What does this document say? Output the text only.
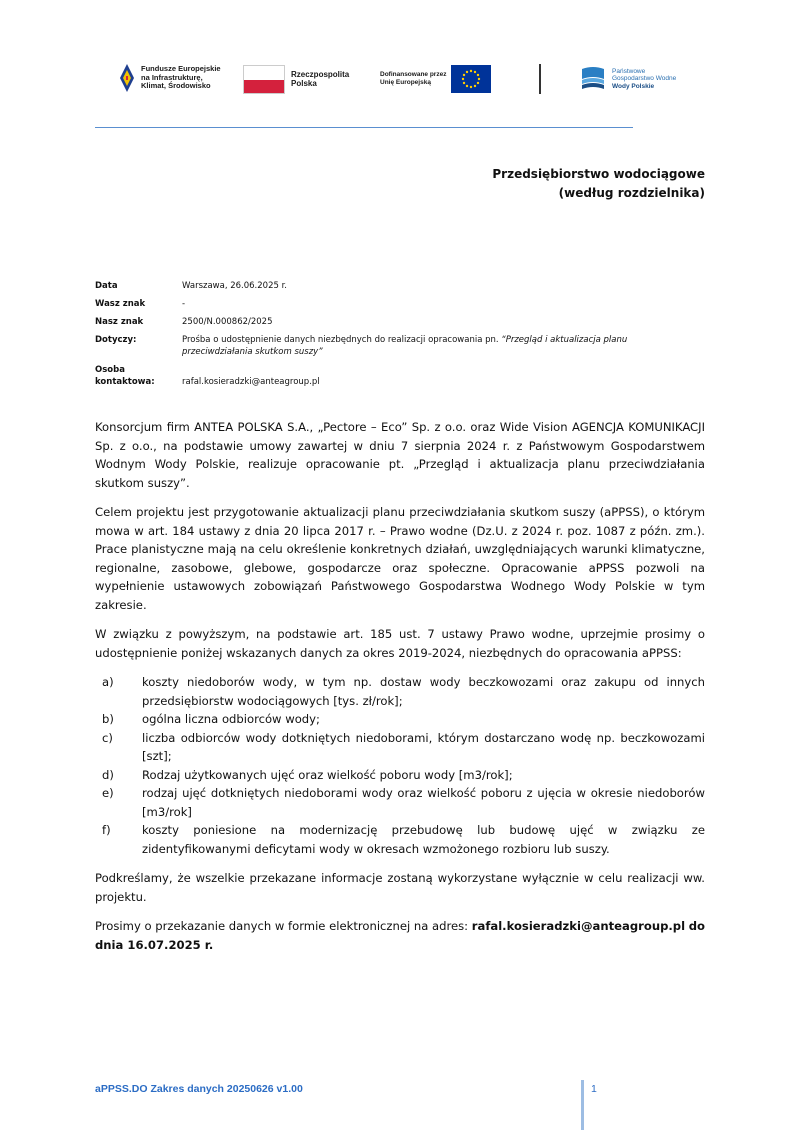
Fundusze Europejskie
na Infrastrukturę,
Klimat, Środowisko
Rzeczpospolita
Polska
Dofinansowane przez
Unię Europejską
Państwowe
Gospodarstwo Wodne
Wody Polskie
Przedsiębiorstwo wodociągowe
(według rozdzielnika)
Data	Warszawa, 26.06.2025 r.
Wasz znak	-
Nasz znak	2500/N.000862/2025
Dotyczy:	Prośba o udostępnienie danych niezbędnych do realizacji opracowania pn. “Przegląd i aktualizacja planu przeciwdziałania skutkom suszy”
Osoba kontaktowa:	rafal.kosieradzki@anteagroup.pl

Konsorcjum firm ANTEA POLSKA S.A., „Pectore – Eco” Sp. z o.o. oraz Wide Vision AGENCJA KOMUNIKACJI Sp. z o.o., na podstawie umowy zawartej w dniu 7 sierpnia 2024 r. z Państwowym Gospodarstwem Wodnym Wody Polskie, realizuje opracowanie pt. „Przegląd i aktualizacja planu przeciwdziałania skutkom suszy”.

Celem projektu jest przygotowanie aktualizacji planu przeciwdziałania skutkom suszy (aPPSS), o którym mowa w art. 184 ustawy z dnia 20 lipca 2017 r. – Prawo wodne (Dz.U. z 2024 r. poz. 1087 z późn. zm.). Prace planistyczne mają na celu określenie konkretnych działań, uwzględniających warunki klimatyczne, regionalne, zasobowe, glebowe, gospodarcze oraz społeczne. Opracowanie aPPSS pozwoli na wypełnienie ustawowych zobowiązań Państwowego Gospodarstwa Wodnego Wody Polskie w tym zakresie.

W związku z powyższym, na podstawie art. 185 ust. 7 ustawy Prawo wodne, uprzejmie prosimy o udostępnienie poniżej wskazanych danych za okres 2019-2024, niezbędnych do opracowania aPPSS:

a)	koszty niedoborów wody, w tym np. dostaw wody beczkowozami oraz zakupu od innych przedsiębiorstw wodociągowych [tys. zł/rok];
b)	ogólna liczna odbiorców wody;
c)	liczba odbiorców wody dotkniętych niedoborami, którym dostarczano wodę np. beczkowozami [szt];
d)	Rodzaj użytkowanych ujęć oraz wielkość poboru wody [m3/rok];
e)	rodzaj ujęć dotkniętych niedoborami wody oraz wielkość poboru z ujęcia w okresie niedoborów [m3/rok]
f)	koszty poniesione na modernizację przebudowę lub budowę ujęć w związku ze zidentyfikowanymi deficytami wody w okresach wzmożonego rozbioru lub suszy.

Podkreślamy, że wszelkie przekazane informacje zostaną wykorzystane wyłącznie w celu realizacji ww. projektu.

Prosimy o przekazanie danych w formie elektronicznej na adres: rafal.kosieradzki@anteagroup.pl do dnia 16.07.2025 r.

aPPSS.DO Zakres danych 20250626 v1.00	1
